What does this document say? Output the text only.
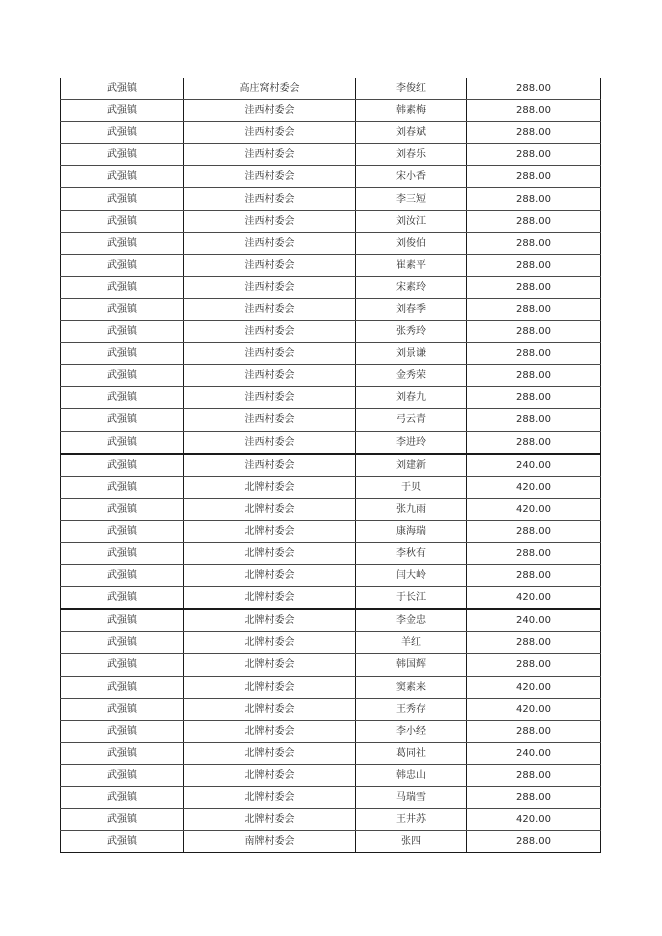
武强镇	高庄窝村委会	李俊红	288.00
武强镇	洼西村委会	韩素梅	288.00
武强镇	洼西村委会	刘春斌	288.00
武强镇	洼西村委会	刘春乐	288.00
武强镇	洼西村委会	宋小香	288.00
武强镇	洼西村委会	李三短	288.00
武强镇	洼西村委会	刘汝江	288.00
武强镇	洼西村委会	刘俊伯	288.00
武强镇	洼西村委会	崔素平	288.00
武强镇	洼西村委会	宋素玲	288.00
武强镇	洼西村委会	刘春季	288.00
武强镇	洼西村委会	张秀玲	288.00
武强镇	洼西村委会	刘景谦	288.00
武强镇	洼西村委会	金秀荣	288.00
武强镇	洼西村委会	刘春九	288.00
武强镇	洼西村委会	弓云青	288.00
武强镇	洼西村委会	李进玲	288.00
武强镇	洼西村委会	刘建新	240.00
武强镇	北牌村委会	于贝	420.00
武强镇	北牌村委会	张九雨	420.00
武强镇	北牌村委会	康海瑞	288.00
武强镇	北牌村委会	李秋有	288.00
武强镇	北牌村委会	闫大岭	288.00
武强镇	北牌村委会	于长江	420.00
武强镇	北牌村委会	李金忠	240.00
武强镇	北牌村委会	羊红	288.00
武强镇	北牌村委会	韩国辉	288.00
武强镇	北牌村委会	窦素来	420.00
武强镇	北牌村委会	王秀存	420.00
武强镇	北牌村委会	李小经	288.00
武强镇	北牌村委会	葛同社	240.00
武强镇	北牌村委会	韩忠山	288.00
武强镇	北牌村委会	马瑞雪	288.00
武强镇	北牌村委会	王井苏	420.00
武强镇	南牌村委会	张四	288.00
